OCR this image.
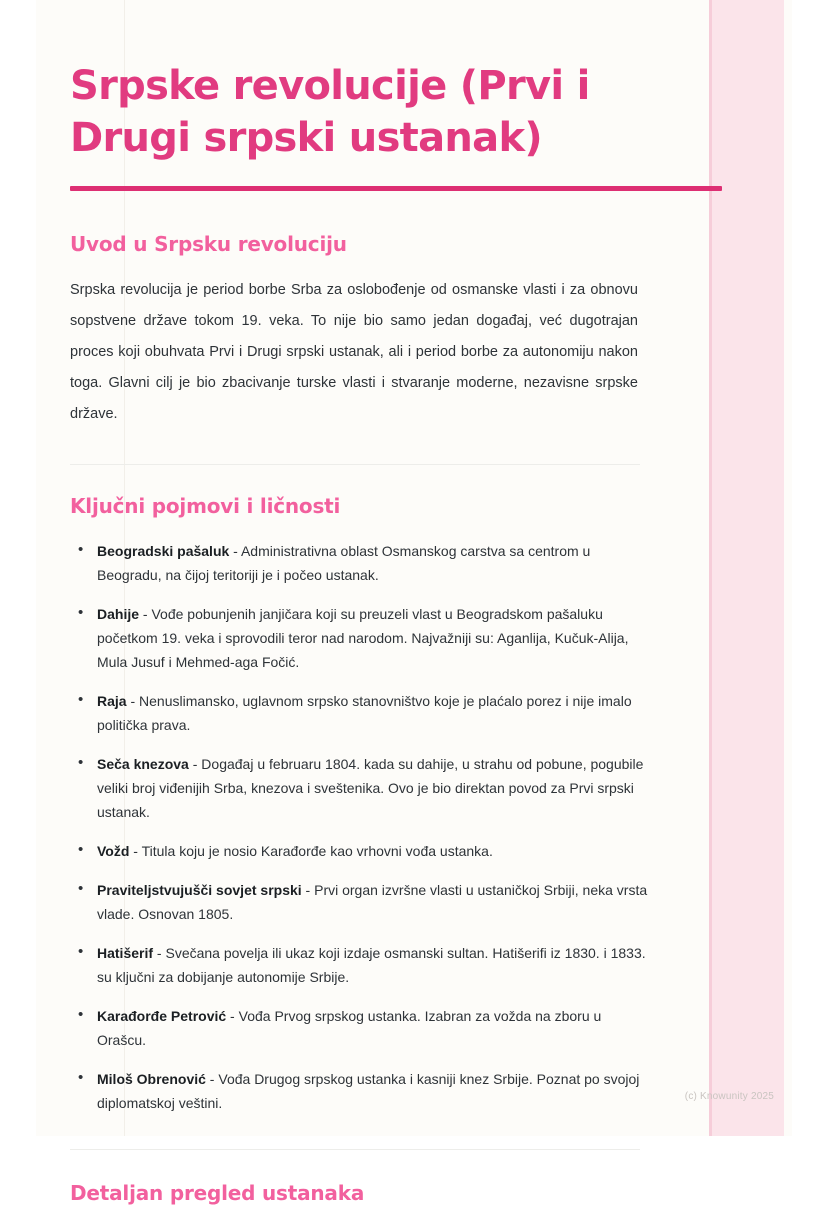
Srpske revolucije (Prvi i Drugi srpski ustanak)
Uvod u Srpsku revoluciju

Srpska revolucija je period borbe Srba za oslobođenje od osmanske vlasti i za obnovu sopstvene države tokom 19. veka. To nije bio samo jedan događaj, već dugotrajan proces koji obuhvata Prvi i Drugi srpski ustanak, ali i period borbe za autonomiju nakon toga. Glavni cilj je bio zbacivanje turske vlasti i stvaranje moderne, nezavisne srpske države.

Ključni pojmovi i ličnosti
• Beogradski pašaluk - Administrativna oblast Osmanskog carstva sa centrom u Beogradu, na čijoj teritoriji je i počeo ustanak.
• Dahije - Vođe pobunjenih janjičara koji su preuzeli vlast u Beogradskom pašaluku početkom 19. veka i sprovodili teror nad narodom. Najvažniji su: Aganlija, Kučuk-Alija, Mula Jusuf i Mehmed-aga Fočić.
• Raja - Nenuslimansko, uglavnom srpsko stanovništvo koje je plaćalo porez i nije imalo politička prava.
• Seča knezova - Događaj u februaru 1804. kada su dahije, u strahu od pobune, pogubile veliki broj viđenijih Srba, knezova i sveštenika. Ovo je bio direktan povod za Prvi srpski ustanak.
• Vožd - Titula koju je nosio Karađorđe kao vrhovni vođa ustanka.
• Praviteljstvujušči sovjet srpski - Prvi organ izvršne vlasti u ustaničkoj Srbiji, neka vrsta vlade. Osnovan 1805.
• Hatišerif - Svečana povelja ili ukaz koji izdaje osmanski sultan. Hatišerifi iz 1830. i 1833. su ključni za dobijanje autonomije Srbije.
• Karađorđe Petrović - Vođa Prvog srpskog ustanka. Izabran za vožda na zboru u Orašcu.
• Miloš Obrenović - Vođa Drugog srpskog ustanka i kasniji knez Srbije. Poznat po svojoj diplomatskoj veštini.
Detaljan pregled ustanaka
(c) Knowunity 2025
